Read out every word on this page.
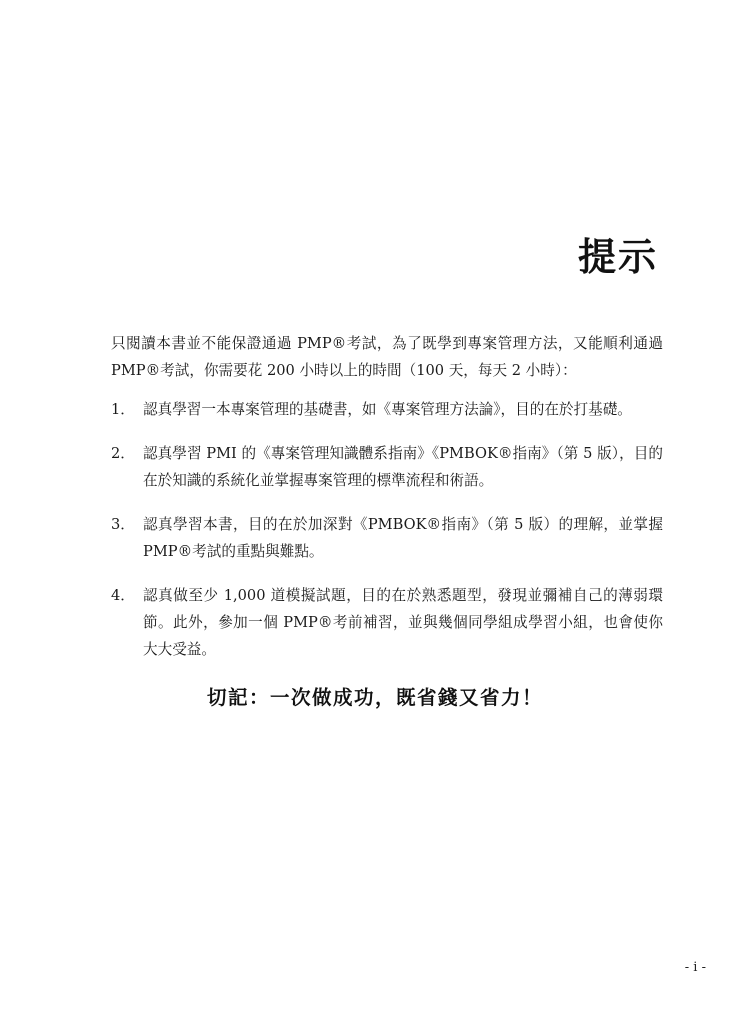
提示
只閱讀本書並不能保證通過 PMP®考試，為了既學到專案管理方法，又能順利通過 PMP®考試，你需要花 200 小時以上的時間（100 天，每天 2 小時）：
1． 認真學習一本專案管理的基礎書，如《專案管理方法論》，目的在於打基礎。
2． 認真學習 PMI 的《專案管理知識體系指南》《PMBOK®指南》（第 5 版），目的在於知識的系統化並掌握專案管理的標準流程和術語。
3． 認真學習本書，目的在於加深對《PMBOK®指南》（第 5 版）的理解，並掌握 PMP®考試的重點與難點。
4． 認真做至少 1,000 道模擬試題，目的在於熟悉題型，發現並彌補自己的薄弱環節。此外，參加一個 PMP®考前補習，並與幾個同學組成學習小組，也會使你大大受益。
切記：一次做成功，既省錢又省力！
- i -
